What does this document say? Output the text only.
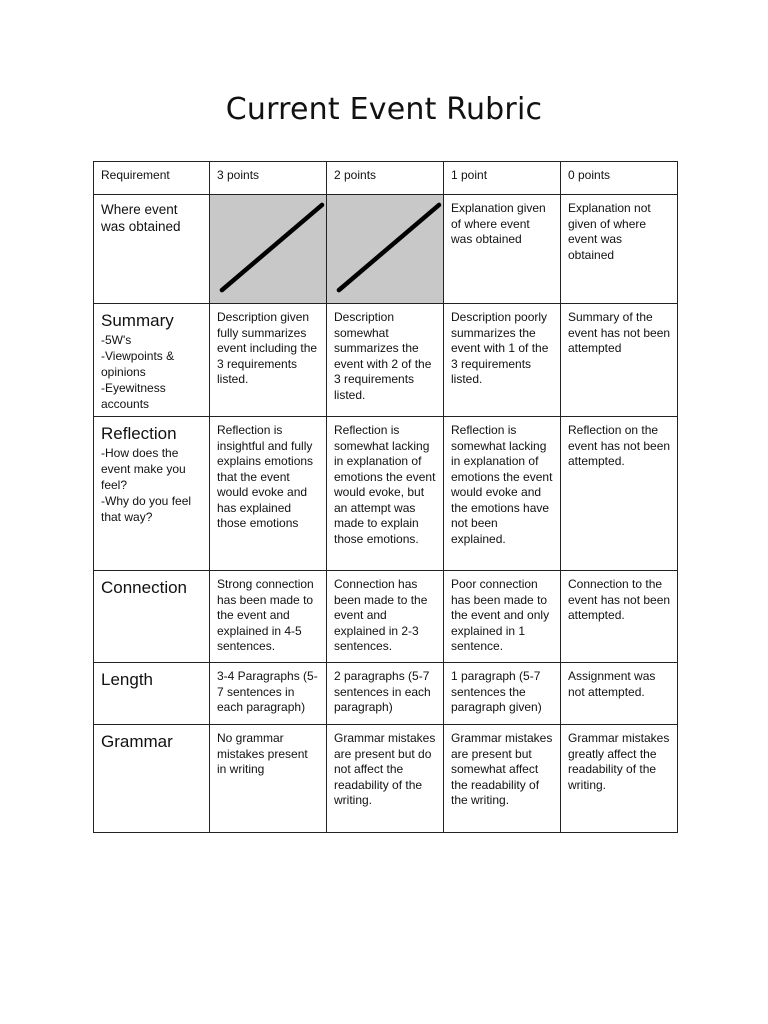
Current Event Rubric
Requirement	3 points	2 points	1 point	0 points

Where event was obtained			Explanation given of where event was obtained	Explanation not given of where event was obtained

Summary
-5W's
-Viewpoints & opinions
-Eyewitness accounts	Description given fully summarizes event including the 3 requirements listed.	Description somewhat summarizes the event with 2 of the 3 requirements listed.	Description poorly summarizes the event with 1 of the 3 requirements listed.	Summary of the event has not been attempted

Reflection
-How does the event make you feel?
-Why do you feel that way?	Reflection is insightful and fully explains emotions that the event would evoke and has explained those emotions	Reflection is somewhat lacking in explanation of emotions the event would evoke, but an attempt was made to explain those emotions.	Reflection is somewhat lacking in explanation of emotions the event would evoke and the emotions have not been explained.	Reflection on the event has not been attempted.

Connection	Strong connection has been made to the event and explained in 4-5 sentences.	Connection has been made to the event and explained in 2-3 sentences.	Poor connection has been made to the event and only explained in 1 sentence.	Connection to the event has not been attempted.

Length	3-4 Paragraphs (5-7 sentences in each paragraph)	2 paragraphs (5-7 sentences in each paragraph)	1 paragraph (5-7 sentences the paragraph given)	Assignment was not attempted.

Grammar	No grammar mistakes present in writing	Grammar mistakes are present but do not affect the readability of the writing.	Grammar mistakes are present but somewhat affect the readability of the writing.	Grammar mistakes greatly affect the readability of the writing.
